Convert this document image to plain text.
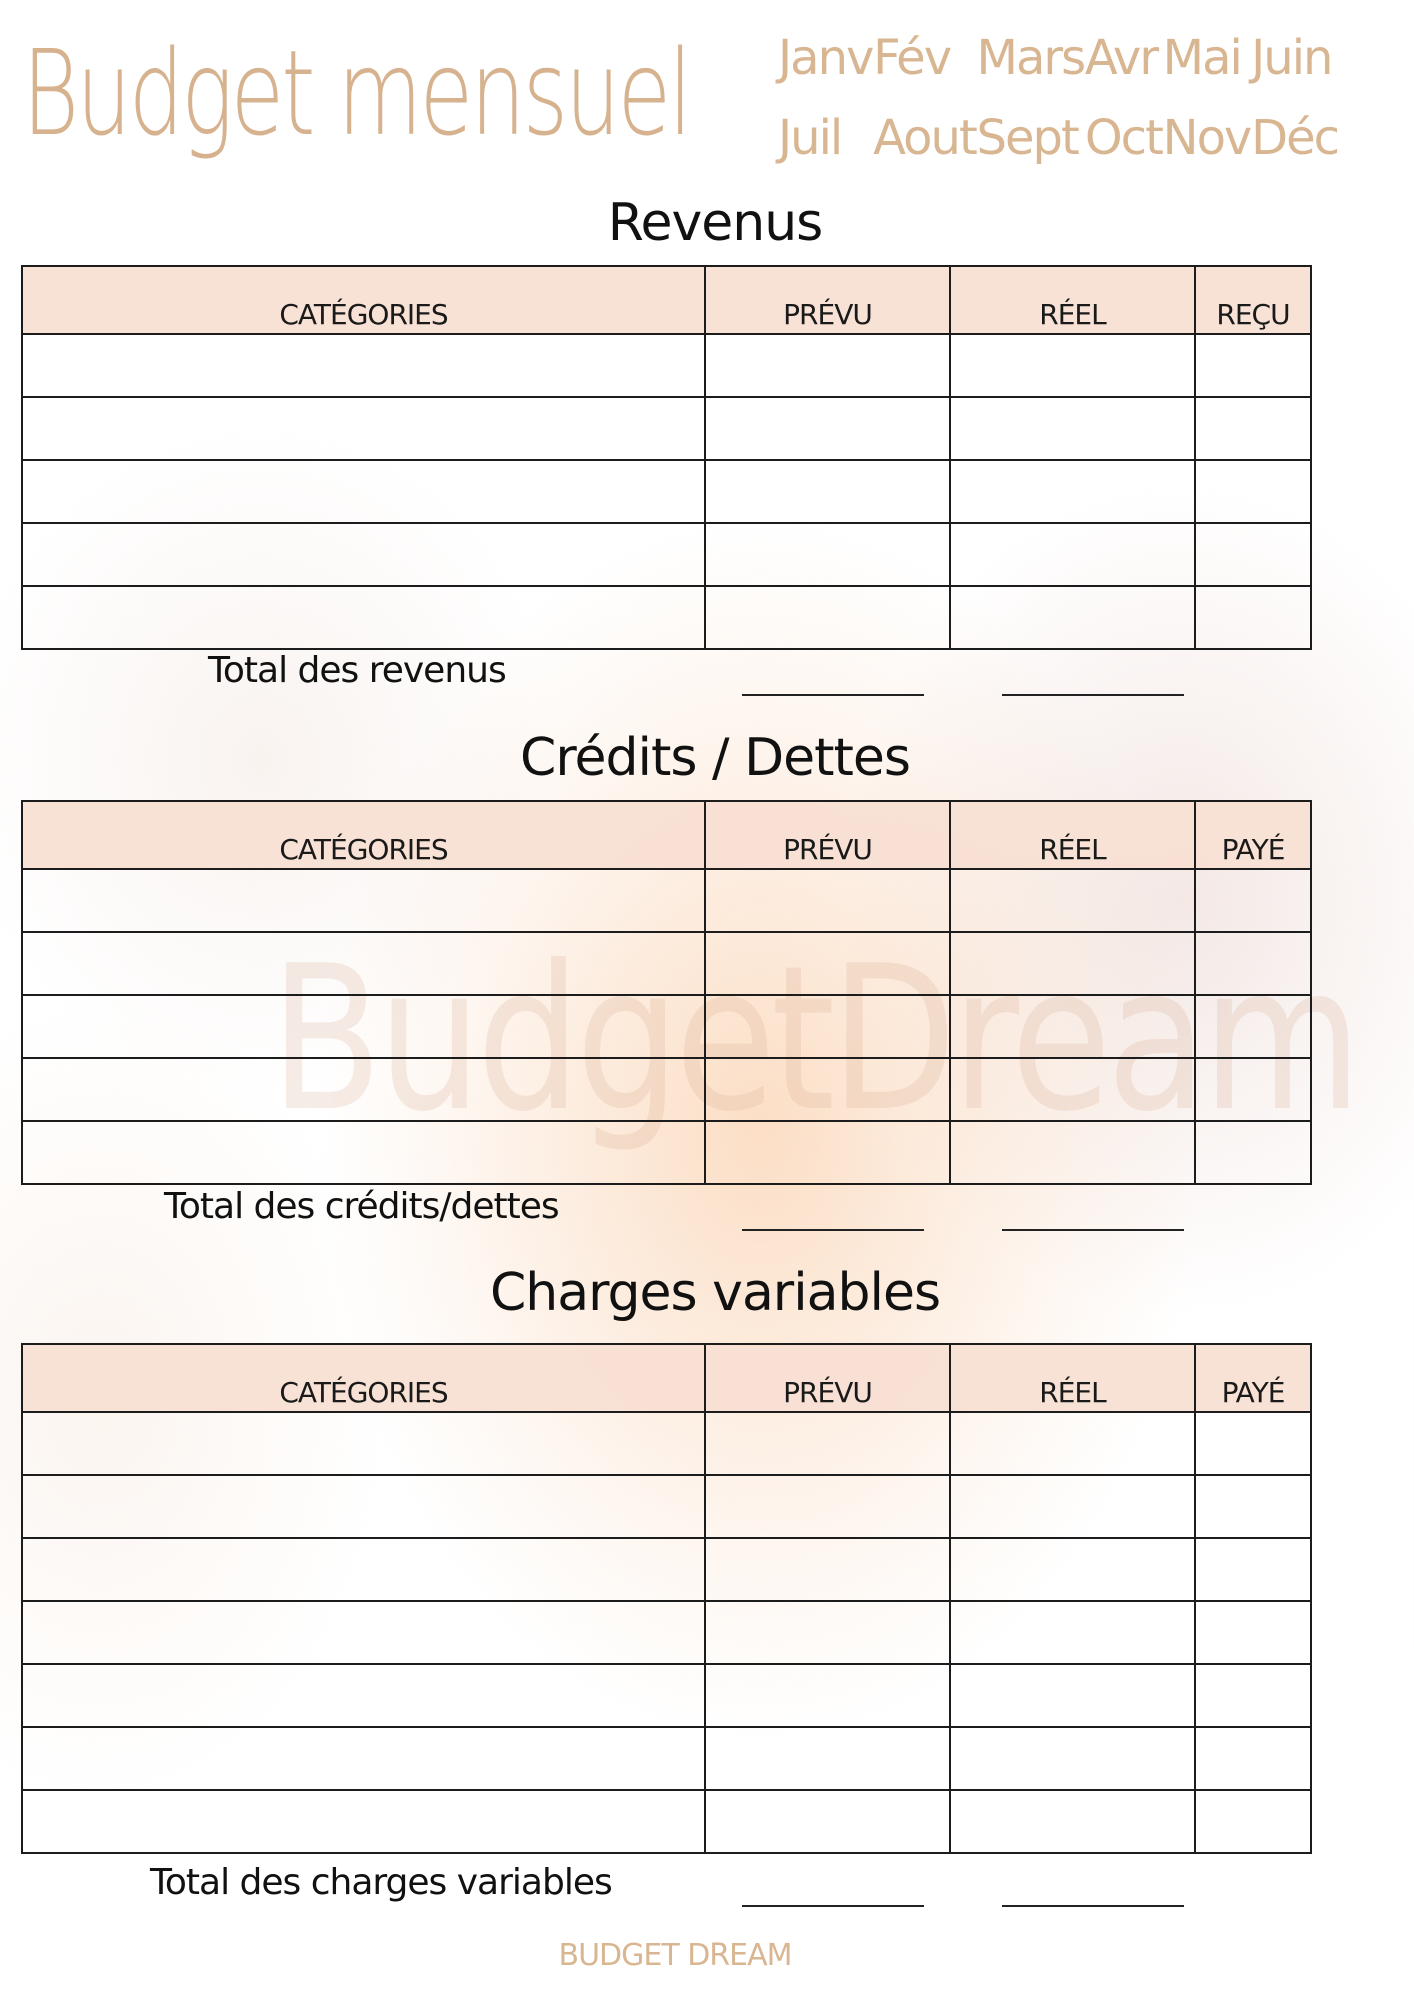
Budget mensuel Janv Fév Mars Avr Mai Juin
Juil Aout Sept Oct Nov Déc
BudgetDream
Revenus
CATÉGORIES	PRÉVU	RÉEL	REÇU

Total des revenus
Crédits / Dettes
CATÉGORIES	PRÉVU	RÉEL	PAYÉ

Total des crédits/dettes
Charges variables
CATÉGORIES	PRÉVU	RÉEL	PAYÉ

Total des charges variables
BUDGET DREAM
